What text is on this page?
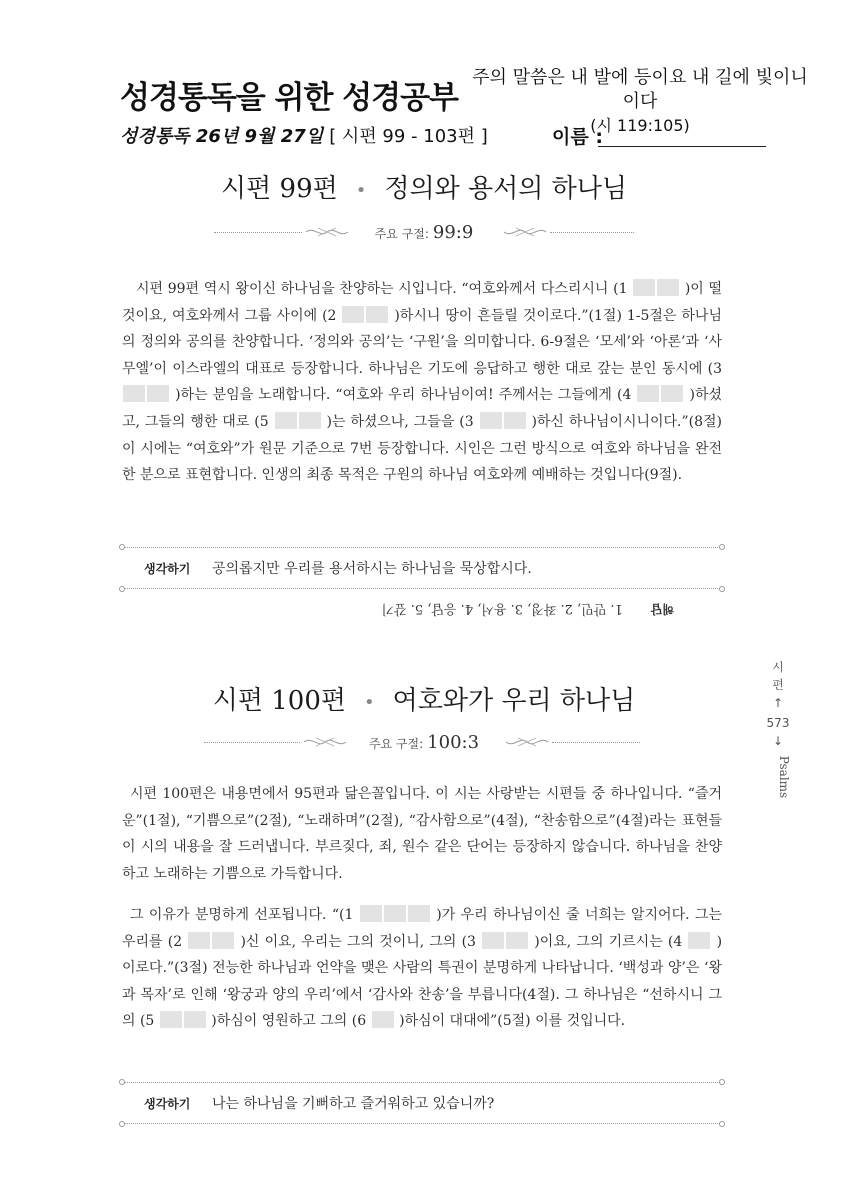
성경통독을 위한 성경공부
주의 말씀은 내 발에 등이요 내 길에 빛이니이다
(시 119:105)
성경통독 26년 9월 27일 [ 시편 99 - 103편 ]	이름 :
시편 99편 • 정의와 용서의 하나님
주요 구절: 99:9
시편 99편 역시 왕이신 하나님을 찬양하는 시입니다. “여호와께서 다스리시니 (1	)이 떨 것이요, 여호와께서 그룹 사이에 (2	)하시니 땅이 흔들릴 것이로다.”(1절) 1-5절은 하나님의 정의와 공의를 찬양합니다. ‘정의와 공의’는 ‘구원’을 의미합니다. 6-9절은 ‘모세’와 ‘아론’과 ‘사무엘’이 이스라엘의 대표로 등장합니다. 하나님은 기도에 응답하고 행한 대로 갚는 분인 동시에 (3  )하는 분임을 노래합니다. “여호와 우리 하나님이여! 주께서는 그들에게 (4	)하셨고, 그들의 행한 대로 (5	)는 하셨으나, 그들을 (3	)하신 하나님이시니이다.”(8절) 이 시에는 “여호와”가 원문 기준으로 7번 등장합니다. 시인은 그런 방식으로 여호와 하나님을 완전한 분으로 표현합니다. 인생의 최종 목적은 구원의 하나님 여호와께 예배하는 것입니다(9절).
생각하기 공의롭지만 우리를 용서하시는 하나님을 묵상합시다.
해답1. 만민, 2. 좌정, 3. 용서, 4. 응답, 5. 갚기
시편 100편 • 여호와가 우리 하나님
주요 구절: 100:3
시편 100편은 내용면에서 95편과 닮은꼴입니다. 이 시는 사랑받는 시편들 중 하나입니다. “즐거운”(1절), “기쁨으로”(2절), “노래하며”(2절), “감사함으로”(4절), “찬송함으로”(4절)라는 표현들이 시의 내용을 잘 드러냅니다. 부르짖다, 죄, 원수 같은 단어는 등장하지 않습니다. 하나님을 찬양하고 노래하는 기쁨으로 가득합니다.
그 이유가 분명하게 선포됩니다. “(1	)가 우리 하나님이신 줄 너희는 알지어다. 그는 우리를 (2	)신 이요, 우리는 그의 것이니, 그의 (3	)이요, 그의 기르시는 (4 )이로다.”(3절) 전능한 하나님과 언약을 맺은 사람의 특권이 분명하게 나타납니다. ‘백성과 양’은 ‘왕과 목자’로 인해 ‘왕궁과 양의 우리’에서 ‘감사와 찬송’을 부릅니다(4절). 그 하나님은 “선하시니 그의 (5	)하심이 영원하고 그의 (6 )하심이 대대에”(5절) 이를 것입니다.
생각하기 나는 하나님을 기뻐하고 즐거워하고 있습니까?
시편
↑
573
↓
Psalms
